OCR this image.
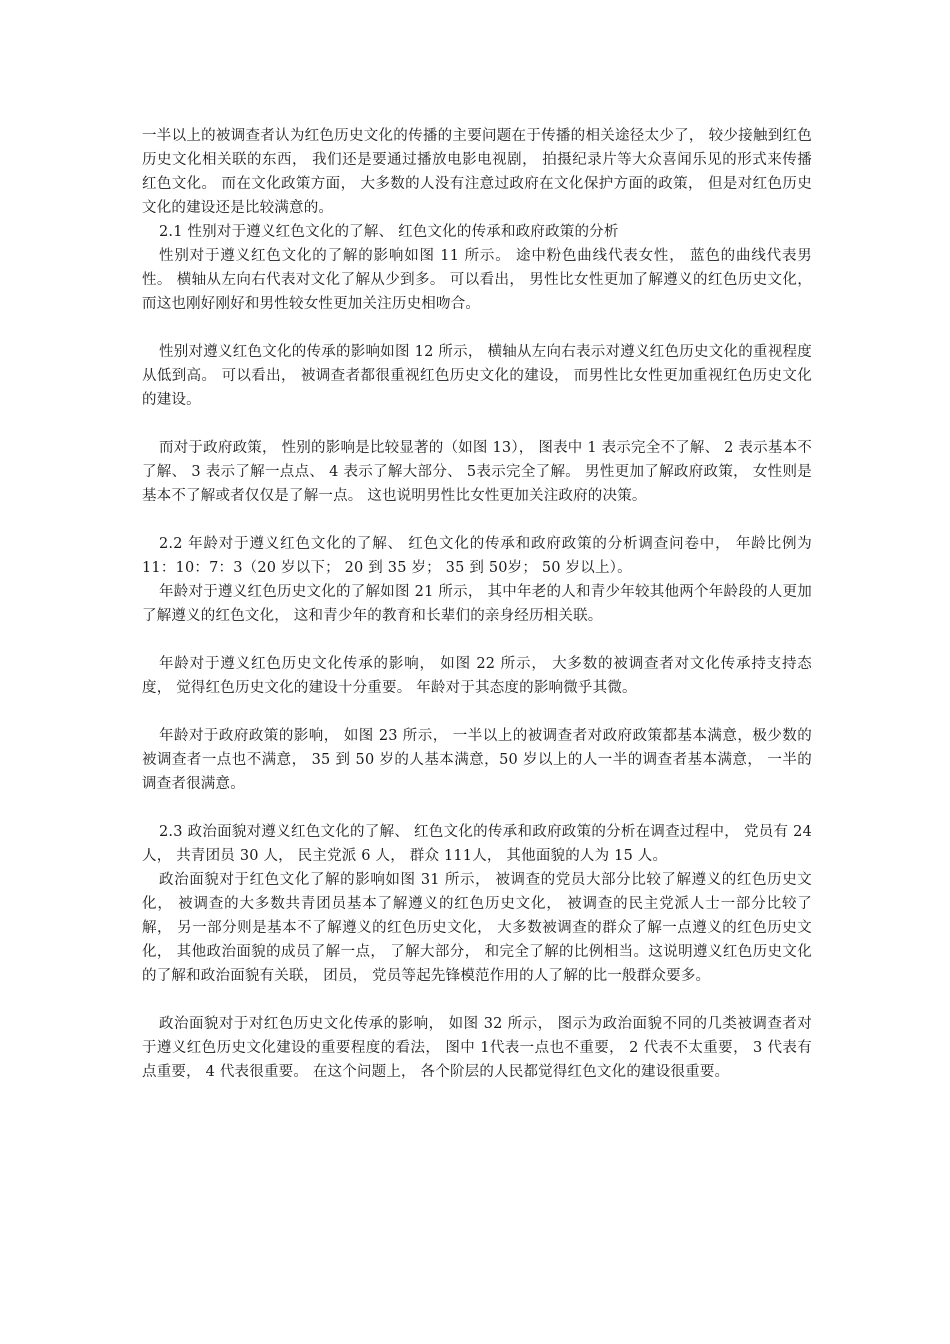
一半以上的被调查者认为红色历史文化的传播的主要问题在于传播的相关途径太少了， 较少接触到红色历史文化相关联的东西， 我们还是要通过播放电影电视剧， 拍摄纪录片等大众喜闻乐见的形式来传播红色文化。 而在文化政策方面， 大多数的人没有注意过政府在文化保护方面的政策， 但是对红色历史文化的建设还是比较满意的。

2.1 性别对于遵义红色文化的了解、 红色文化的传承和政府政策的分析

性别对于遵义红色文化的了解的影响如图 11 所示。 途中粉色曲线代表女性， 蓝色的曲线代表男性。 横轴从左向右代表对文化了解从少到多。 可以看出， 男性比女性更加了解遵义的红色历史文化， 而这也刚好刚好和男性较女性更加关注历史相吻合。

性别对遵义红色文化的传承的影响如图 12 所示， 横轴从左向右表示对遵义红色历史文化的重视程度从低到高。 可以看出， 被调查者都很重视红色历史文化的建设， 而男性比女性更加重视红色历史文化的建设。

而对于政府政策， 性别的影响是比较显著的（如图 13）， 图表中 1 表示完全不了解、 2 表示基本不了解、 3 表示了解一点点、 4 表示了解大部分、 5表示完全了解。 男性更加了解政府政策， 女性则是基本不了解或者仅仅是了解一点。 这也说明男性比女性更加关注政府的决策。

2.2 年龄对于遵义红色文化的了解、 红色文化的传承和政府政策的分析调查问卷中， 年龄比例为 11：10：7：3（20 岁以下； 20 到 35 岁； 35 到 50岁； 50 岁以上）。

年龄对于遵义红色历史文化的了解如图 21 所示， 其中年老的人和青少年较其他两个年龄段的人更加了解遵义的红色文化， 这和青少年的教育和长辈们的亲身经历相关联。

年龄对于遵义红色历史文化传承的影响， 如图 22 所示， 大多数的被调查者对文化传承持支持态度， 觉得红色历史文化的建设十分重要。 年龄对于其态度的影响微乎其微。

年龄对于政府政策的影响， 如图 23 所示， 一半以上的被调查者对政府政策都基本满意，极少数的被调查者一点也不满意， 35 到 50 岁的人基本满意，50 岁以上的人一半的调查者基本满意， 一半的调查者很满意。

2.3 政治面貌对遵义红色文化的了解、 红色文化的传承和政府政策的分析在调查过程中， 党员有 24 人， 共青团员 30 人， 民主党派 6 人， 群众 111人， 其他面貌的人为 15 人。

政治面貌对于红色文化了解的影响如图 31 所示， 被调查的党员大部分比较了解遵义的红色历史文化， 被调查的大多数共青团员基本了解遵义的红色历史文化， 被调查的民主党派人士一部分比较了解， 另一部分则是基本不了解遵义的红色历史文化， 大多数被调查的群众了解一点遵义的红色历史文化， 其他政治面貌的成员了解一点， 了解大部分， 和完全了解的比例相当。这说明遵义红色历史文化的了解和政治面貌有关联， 团员， 党员等起先锋模范作用的人了解的比一般群众要多。

政治面貌对于对红色历史文化传承的影响， 如图 32 所示， 图示为政治面貌不同的几类被调查者对于遵义红色历史文化建设的重要程度的看法， 图中 1代表一点也不重要， 2 代表不太重要， 3 代表有点重要， 4 代表很重要。 在这个问题上， 各个阶层的人民都觉得红色文化的建设很重要。
